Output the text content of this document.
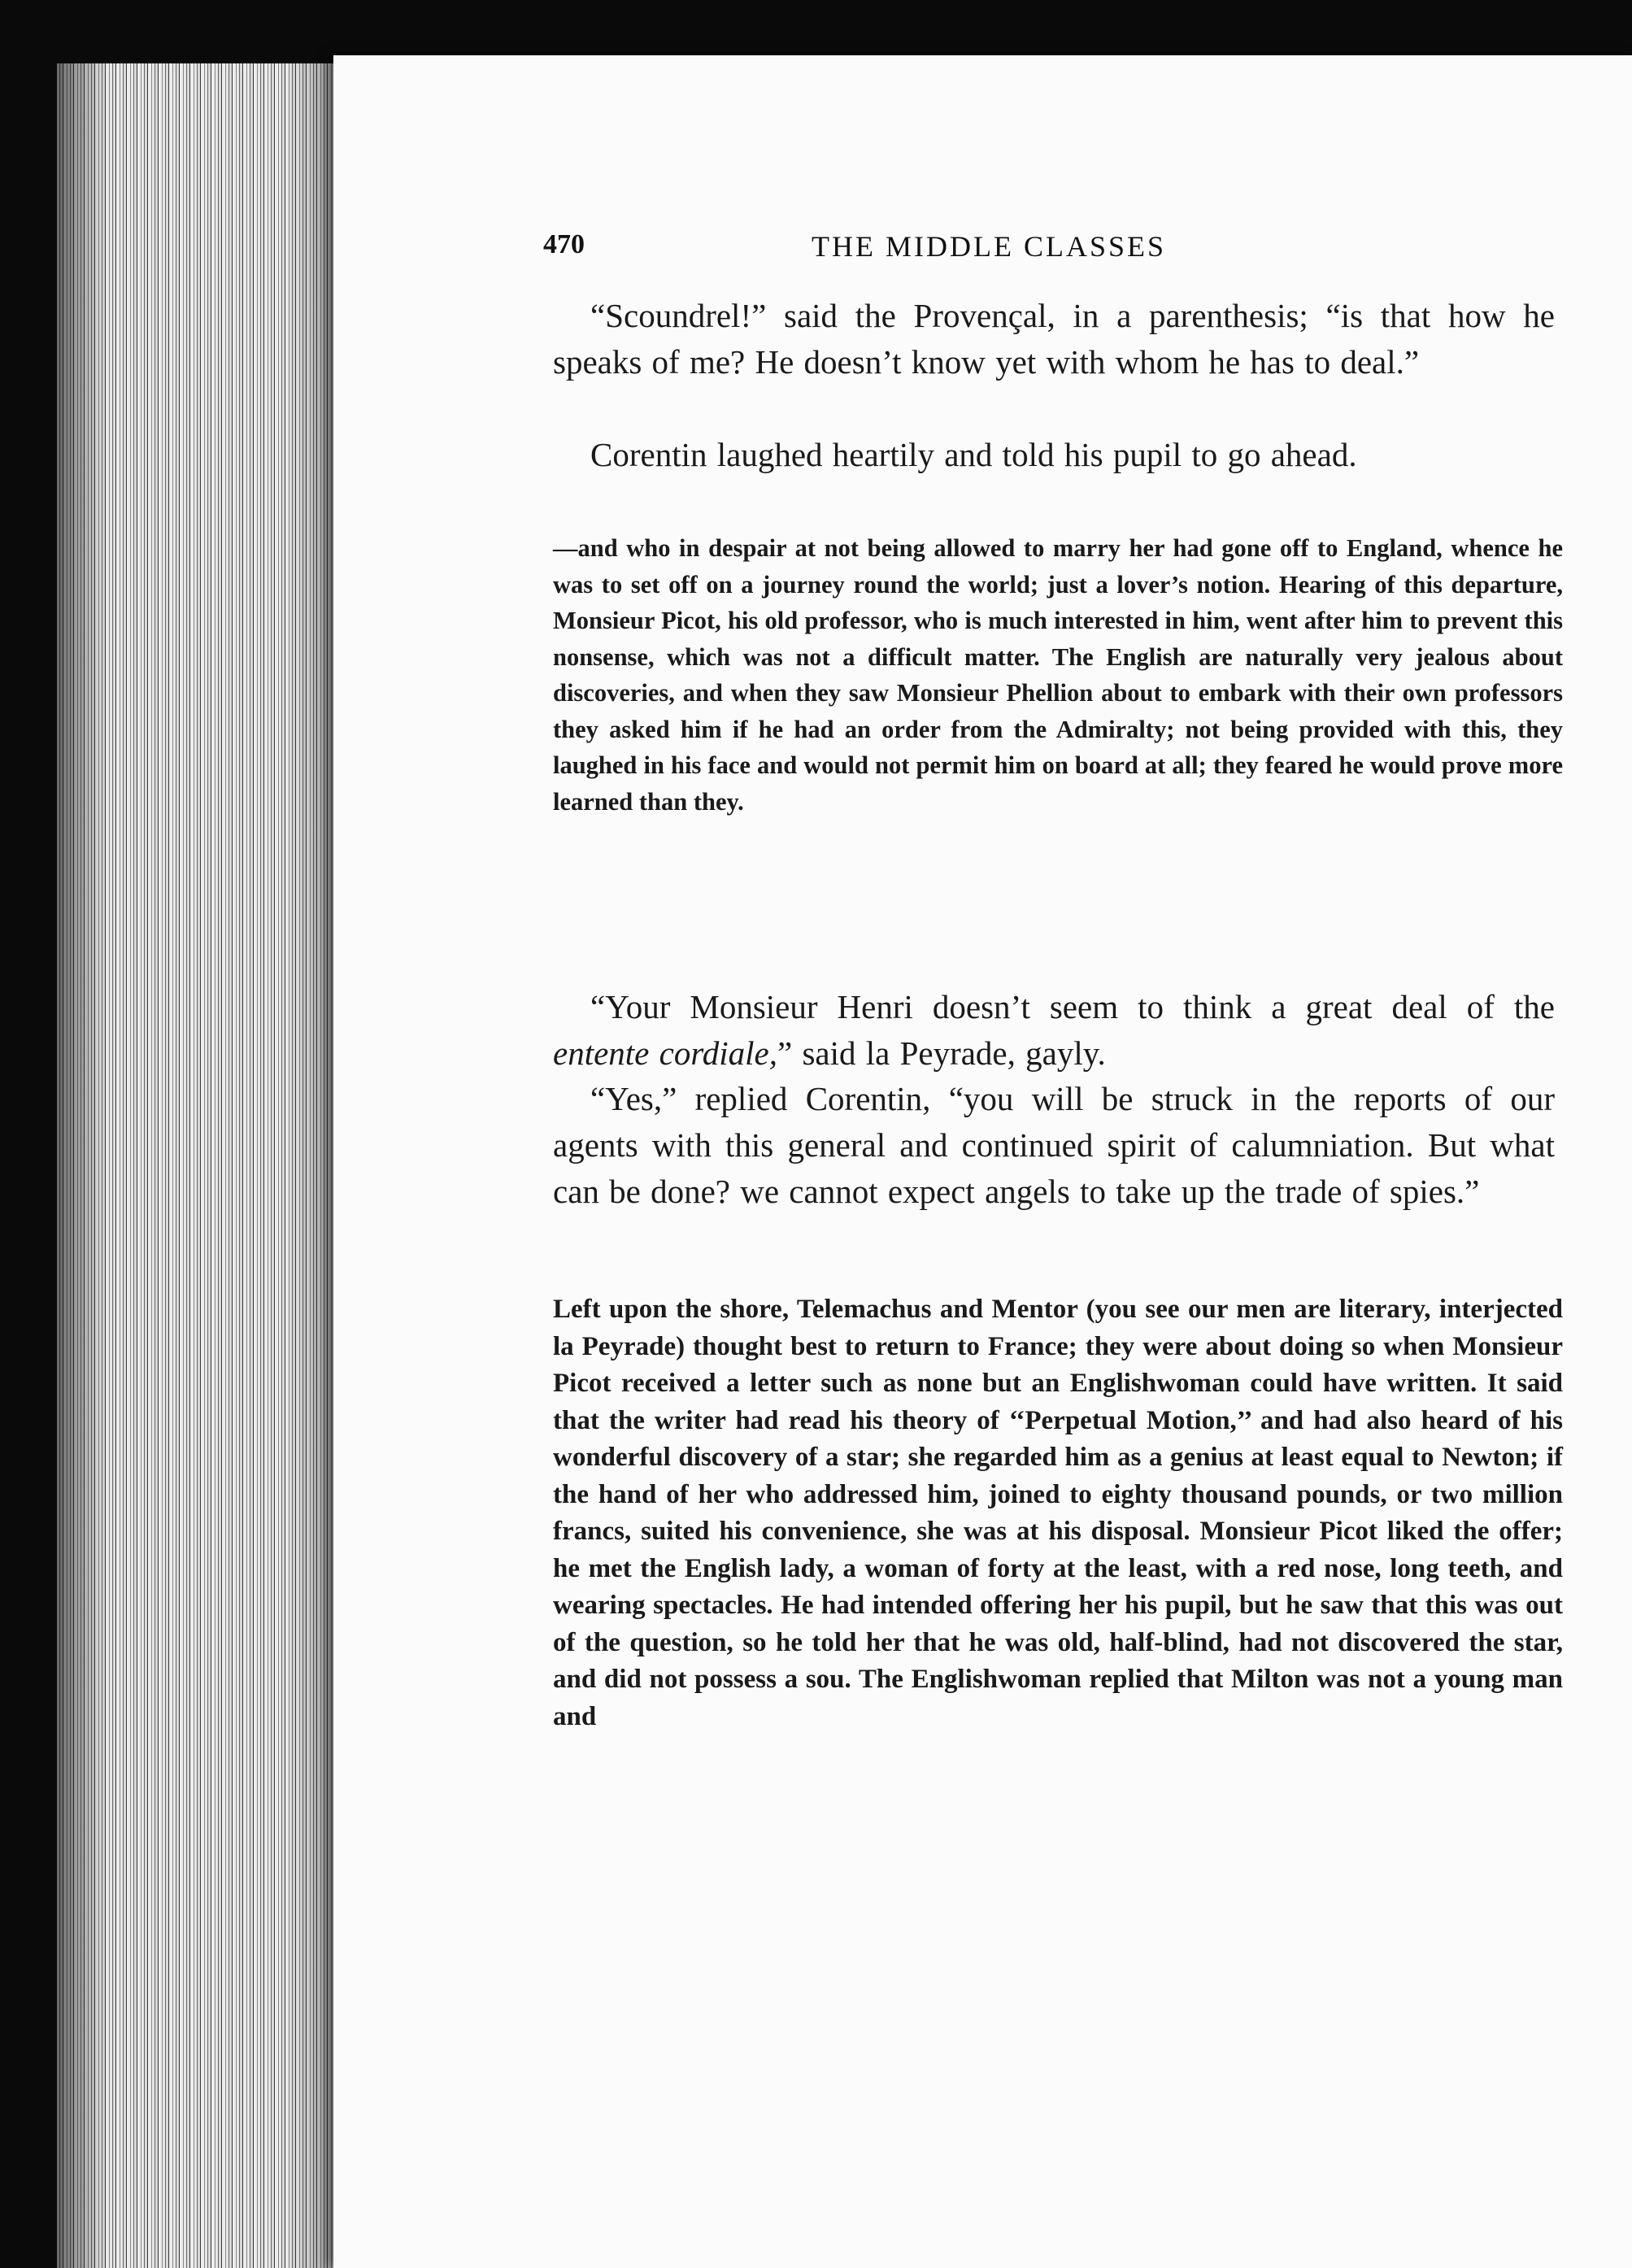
470	THE MIDDLE CLASSES

“Scoundrel!” said the Provençal, in a parenthesis; “is that how he speaks of me? He doesn’t know yet with whom he has to deal.”

Corentin laughed heartily and told his pupil to go ahead.

—and who in despair at not being allowed to marry her had gone off to England, whence he was to set off on a journey round the world; just a lover’s notion. Hearing of this departure, Monsieur Picot, his old professor, who is much interested in him, went after him to prevent this nonsense, which was not a difficult matter. The English are naturally very jealous about discoveries, and when they saw Monsieur Phellion about to embark with their own professors they asked him if he had an order from the Admiralty; not being provided with this, they laughed in his face and would not permit him on board at all; they feared he would prove more learned than they.

“Your Monsieur Henri doesn’t seem to think a great deal of the entente cordiale,” said la Peyrade, gayly.

“Yes,” replied Corentin, “you will be struck in the reports of our agents with this general and continued spirit of calumniation. But what can be done? we cannot expect angels to take up the trade of spies.”

Left upon the shore, Telemachus and Mentor (you see our men are literary, interjected la Peyrade) thought best to return to France; they were about doing so when Monsieur Picot received a letter such as none but an Englishwoman could have written. It said that the writer had read his theory of ‘‘Perpetual Motion,’’ and had also heard of his wonderful discovery of a star; she regarded him as a genius at least equal to Newton; if the hand of her who addressed him, joined to eighty thousand pounds, or two million francs, suited his convenience, she was at his disposal. Monsieur Picot liked the offer; he met the English lady, a woman of forty at the least, with a red nose, long teeth, and wearing spectacles. He had intended offering her his pupil, but he saw that this was out of the question, so he told her that he was old, half-blind, had not discovered the star, and did not possess a sou. The Englishwoman replied that Milton was not a young man and
